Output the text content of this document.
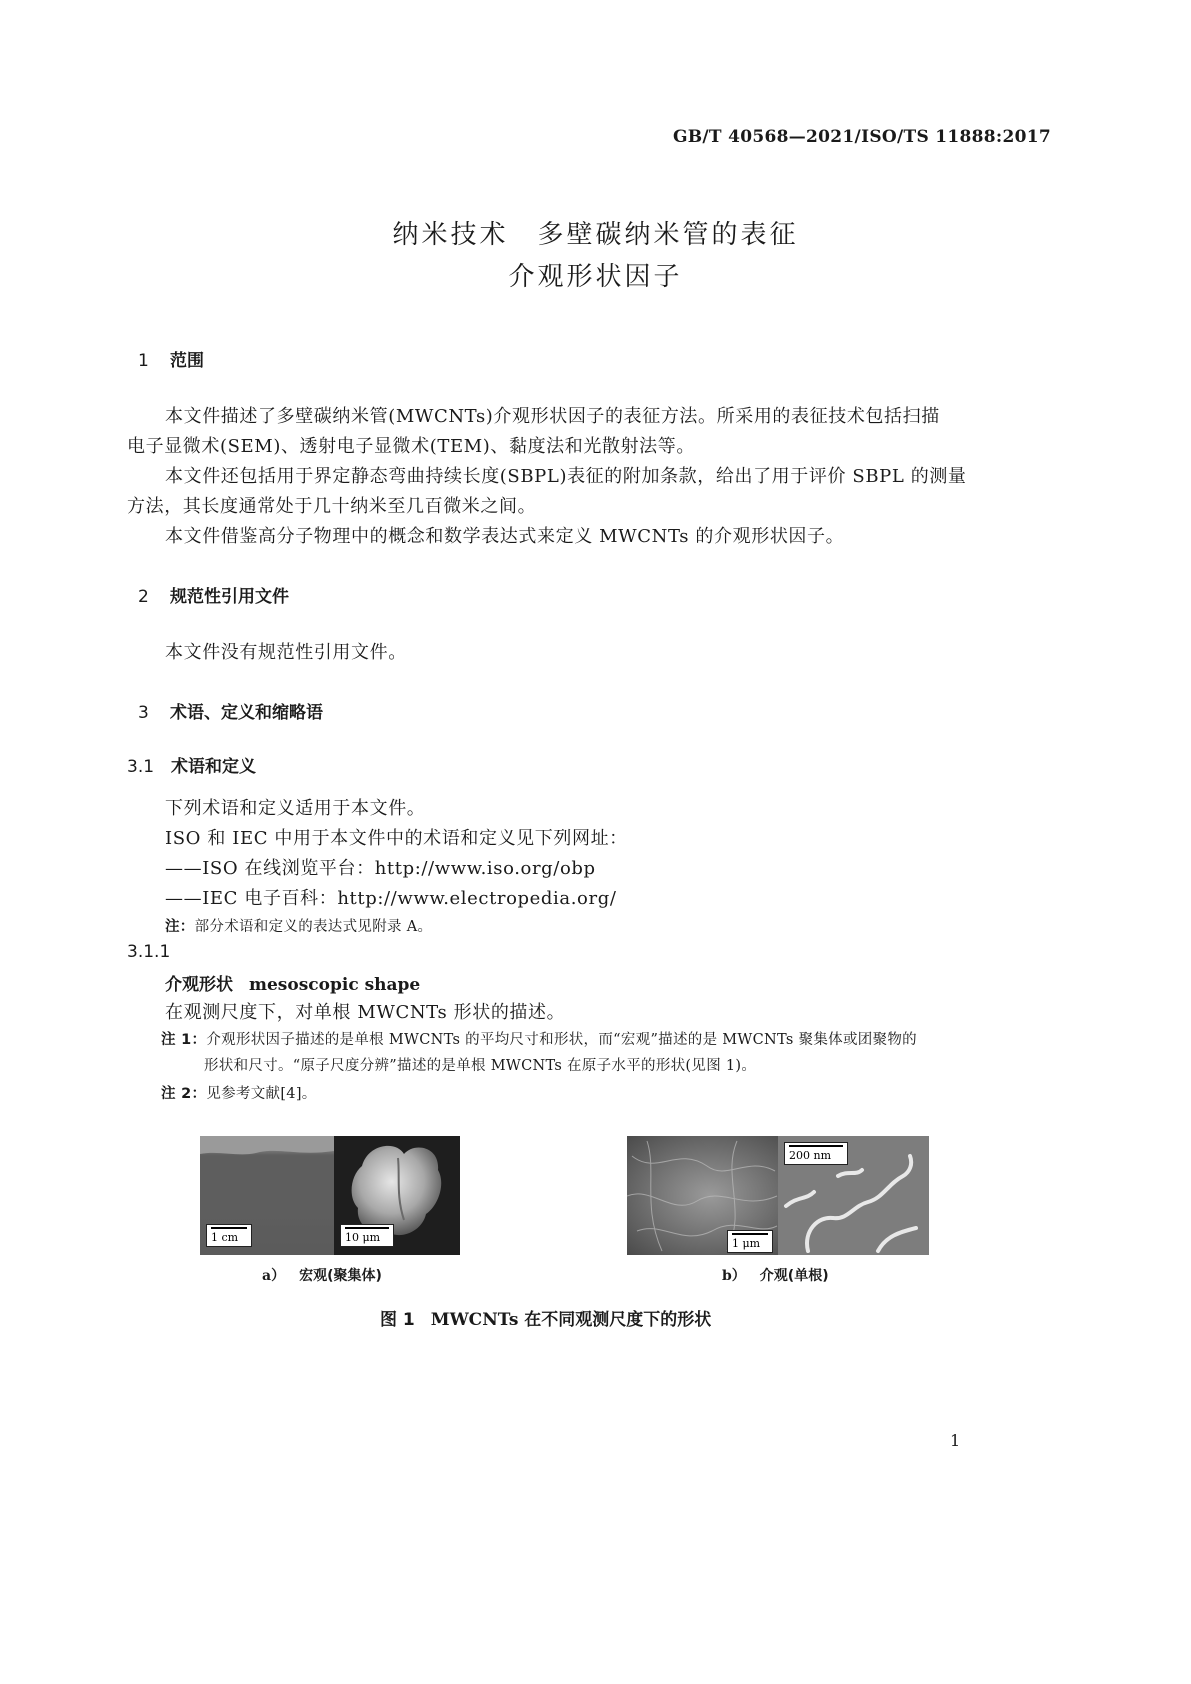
GB/T 40568—2021/ISO/TS 11888:2017
纳米技术　多壁碳纳米管的表征
介观形状因子
1 范围
本文件描述了多壁碳纳米管(MWCNTs)介观形状因子的表征方法。所采用的表征技术包括扫描
电子显微术(SEM)、透射电子显微术(TEM)、黏度法和光散射法等。
本文件还包括用于界定静态弯曲持续长度(SBPL)表征的附加条款，给出了用于评价 SBPL 的测量
方法，其长度通常处于几十纳米至几百微米之间。
本文件借鉴高分子物理中的概念和数学表达式来定义 MWCNTs 的介观形状因子。
2 规范性引用文件
本文件没有规范性引用文件。
3 术语、定义和缩略语
3.1 术语和定义
下列术语和定义适用于本文件。
ISO 和 IEC 中用于本文件中的术语和定义见下列网址：
——ISO 在线浏览平台：http://www.iso.org/obp
——IEC 电子百科：http://www.electropedia.org/
注：部分术语和定义的表达式见附录 A。
3.1.1
介观形状 mesoscopic shape
在观测尺度下，对单根 MWCNTs 形状的描述。
注 1：介观形状因子描述的是单根 MWCNTs 的平均尺寸和形状，而“宏观”描述的是 MWCNTs 聚集体或团聚物的
形状和尺寸。“原子尺度分辨”描述的是单根 MWCNTs 在原子水平的形状(见图 1)。
注 2：见参考文献[4]。
1 cm	10 μm
a） 宏观(聚集体)
1 μm
200 nm
b） 介观(单根)
图 1 MWCNTs 在不同观测尺度下的形状
1
